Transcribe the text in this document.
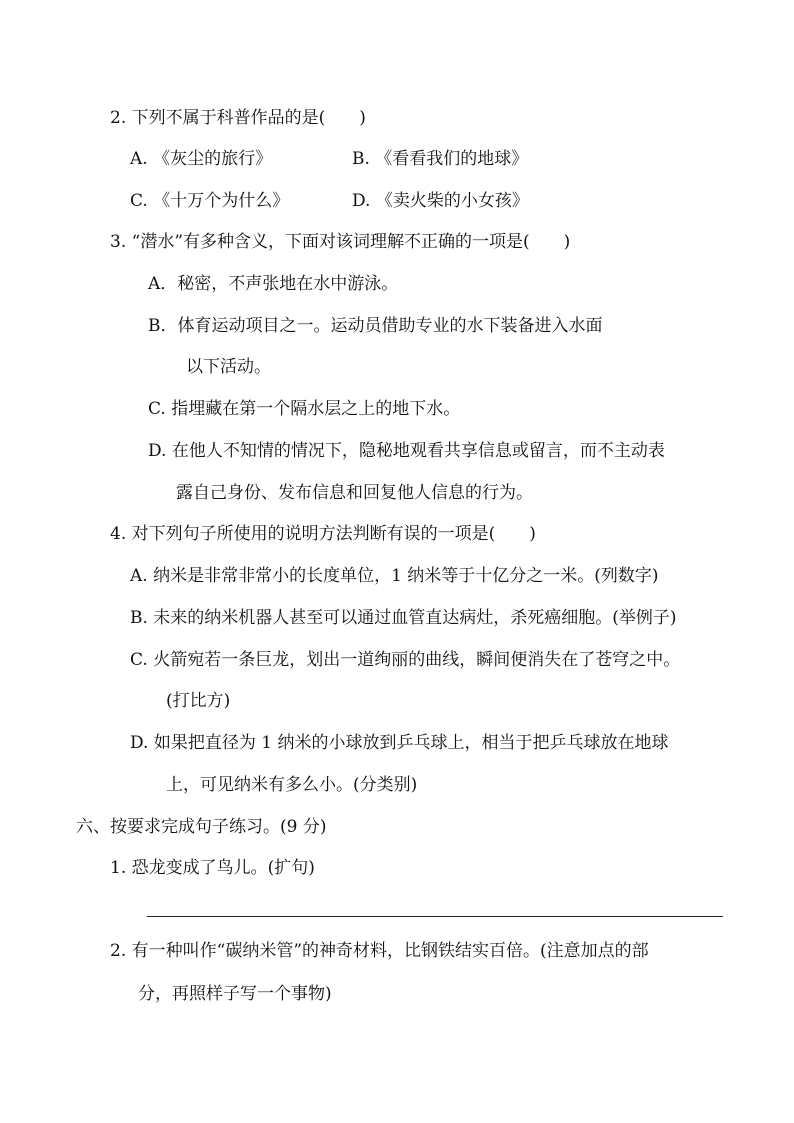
2. 下列不属于科普作品的是(　　)
A. 《灰尘的旅行》	B. 《看看我们的地球》
C. 《十万个为什么》	D. 《卖火柴的小女孩》
3. “潜水”有多种含义，下面对该词理解不正确的一项是(　　)
A．秘密，不声张地在水中游泳。
B．体育运动项目之一。运动员借助专业的水下装备进入水面
以下活动。
C. 指埋藏在第一个隔水层之上的地下水。
D. 在他人不知情的情况下，隐秘地观看共享信息或留言，而不主动表
露自己身份、发布信息和回复他人信息的行为。
4. 对下列句子所使用的说明方法判断有误的一项是(　　)
A. 纳米是非常非常小的长度单位，1 纳米等于十亿分之一米。(列数字)
B. 未来的纳米机器人甚至可以通过血管直达病灶，杀死癌细胞。(举例子)
C. 火箭宛若一条巨龙，划出一道绚丽的曲线，瞬间便消失在了苍穹之中。
(打比方)
D. 如果把直径为 1 纳米的小球放到乒乓球上，相当于把乒乓球放在地球
上，可见纳米有多么小。(分类别)
六、按要求完成句子练习。(9 分)
1. 恐龙变成了鸟儿。(扩句)
2. 有一种叫作“碳纳米管”的神奇材料，比钢铁结实百倍。(注意加点的部
分，再照样子写一个事物)
